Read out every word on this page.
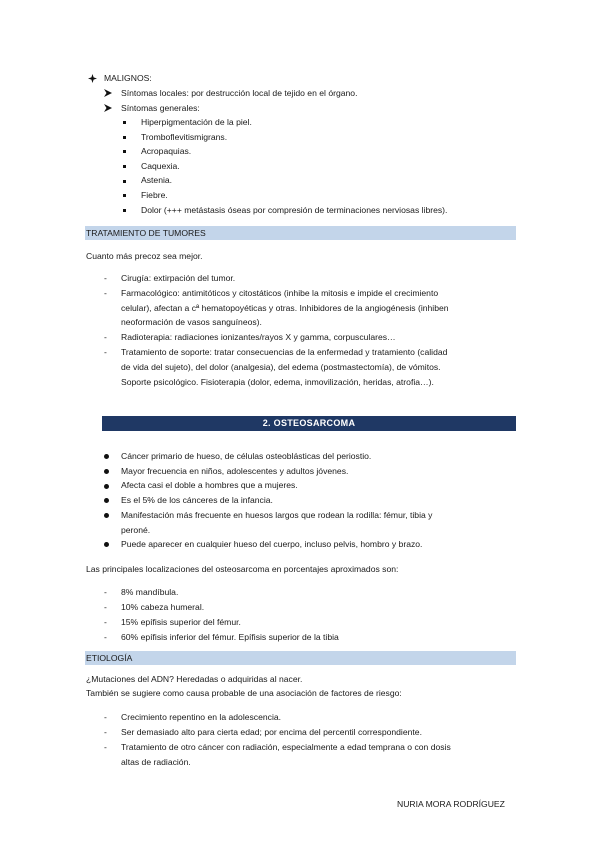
MALIGNOS:
Síntomas locales: por destrucción local de tejido en el órgano.
Síntomas generales:
TRATAMIENTO DE TUMORES
Cuanto más precoz sea mejor.
2. OSTEOSARCOMA
Las principales localizaciones del osteosarcoma en porcentajes aproximados son:
ETIOLOGÍA
¿Mutaciones del ADN? Heredadas o adquiridas al nacer.
También se sugiere como causa probable de una asociación de factores de riesgo:
NURIA MORA RODRÍGUEZ
Hiperpigmentación de la piel.
Tromboflevitismigrans.
Acropaquias.
Caquexia.
Astenia.
Fiebre.
Dolor (+++ metástasis óseas por compresión de terminaciones nerviosas libres).
- Cirugía: extirpación del tumor.
- Farmacológico: antimitóticos y citostáticos (inhibe la mitosis e impide el crecimiento
celular), afectan a cª hematopoyéticas y otras. Inhibidores de la angiogénesis (inhiben
neoformación de vasos sanguíneos).
- Radioterapia: radiaciones ionizantes/rayos X y gamma, corpusculares…
- Tratamiento de soporte: tratar consecuencias de la enfermedad y tratamiento (calidad
de vida del sujeto), del dolor (analgesia), del edema (postmastectomía), de vómitos.
Soporte psicológico. Fisioterapia (dolor, edema, inmovilización, heridas, atrofia…).
Cáncer primario de hueso, de células osteoblásticas del periostio.
Mayor frecuencia en niños, adolescentes y adultos jóvenes.
Afecta casi el doble a hombres que a mujeres.
Es el 5% de los cánceres de la infancia.
Manifestación más frecuente en huesos largos que rodean la rodilla: fémur, tibia y
peroné.
Puede aparecer en cualquier hueso del cuerpo, incluso pelvis, hombro y brazo.
- 8% mandíbula.
- 10% cabeza humeral.
- 15% epífisis superior del fémur.
- 60% epífisis inferior del fémur. Epífisis superior de la tibia
- Crecimiento repentino en la adolescencia.
- Ser demasiado alto para cierta edad; por encima del percentil correspondiente.
- Tratamiento de otro cáncer con radiación, especialmente a edad temprana o con dosis
altas de radiación.
